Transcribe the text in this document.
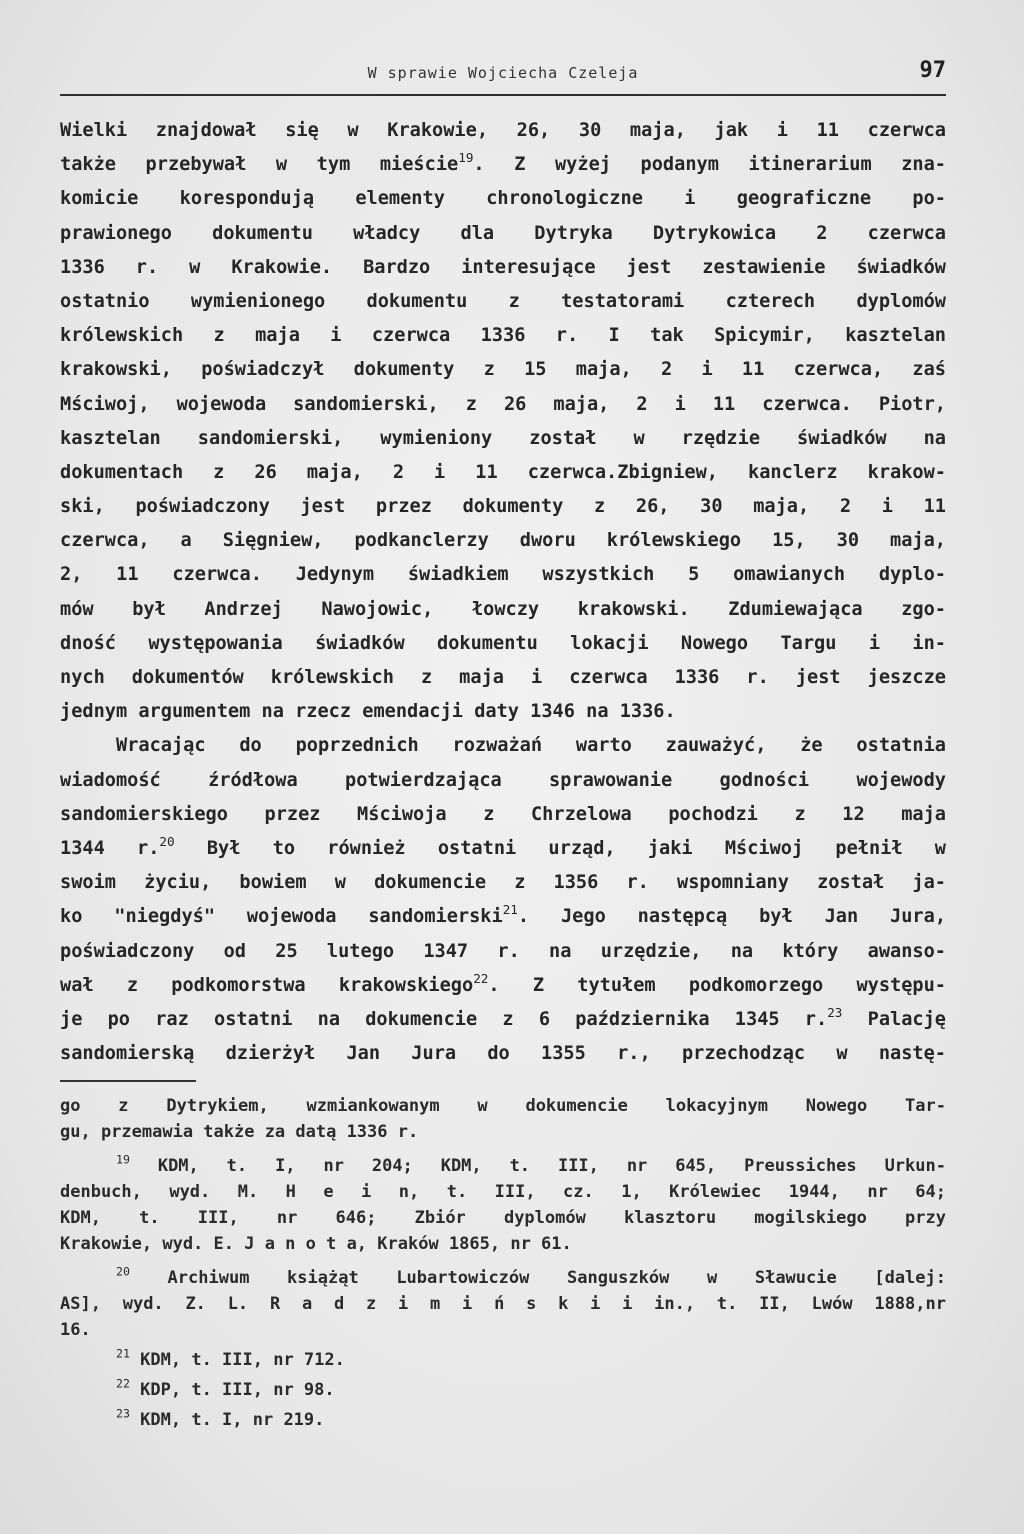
W sprawie Wojciecha Czeleja	97
Wielki znajdował się w Krakowie, 26, 30 maja, jak i 11 czerwca
także przebywał w tym mieście$^{19}$. Z wyżej podanym itinerarium zna-
komicie korespondują elementy chronologiczne i geograficzne po-
prawionego dokumentu władcy dla Dytryka Dytrykowica 2 czerwca
1336 r. w Krakowie. Bardzo interesujące jest zestawienie świadków
ostatnio wymienionego dokumentu z testatorami czterech dyplomów
królewskich z maja i czerwca 1336 r. I tak Spicymir, kasztelan
krakowski, poświadczył dokumenty z 15 maja, 2 i 11 czerwca, zaś
Mściwoj, wojewoda sandomierski, z 26 maja, 2 i 11 czerwca. Piotr,
kasztelan sandomierski, wymieniony został w rzędzie świadków na
dokumentach z 26 maja, 2 i 11 czerwca.Zbigniew, kanclerz krakow-
ski, poświadczony jest przez dokumenty z 26, 30 maja, 2 i 11
czerwca, a Sięgniew, podkanclerzy dworu królewskiego 15, 30 maja,
2, 11 czerwca. Jedynym świadkiem wszystkich 5 omawianych dyplo-
mów był Andrzej Nawojowic, łowczy krakowski. Zdumiewająca zgo-
dność występowania świadków dokumentu lokacji Nowego Targu i in-
nych dokumentów królewskich z maja i czerwca 1336 r. jest jeszcze
jednym argumentem na rzecz emendacji daty 1346 na 1336.
Wracając do poprzednich rozważań warto zauważyć, że ostatnia
wiadomość źródłowa potwierdzająca sprawowanie godności wojewody
sandomierskiego przez Mściwoja z Chrzelowa pochodzi z 12 maja
1344 r.$^{20}$ Był to również ostatni urząd, jaki Mściwoj pełnił w
swoim życiu, bowiem w dokumencie z 1356 r. wspomniany został ja-
ko "niegdyś" wojewoda sandomierski$^{21}$. Jego następcą był Jan Jura,
poświadczony od 25 lutego 1347 r. na urzędzie, na który awanso-
wał z podkomorstwa krakowskiego$^{22}$. Z tytułem podkomorzego występu-
je po raz ostatni na dokumencie z 6 października 1345 r.$^{23}$ Palację
sandomierską dzierżył Jan Jura do 1355 r., przechodząc w nastę-
go z Dytrykiem, wzmiankowanym w dokumencie lokacyjnym Nowego Tar-
gu, przemawia także za datą 1336 r.
$^{19}$ KDM, t. I, nr 204; KDM, t. III, nr 645, Preussiches Urkun-
denbuch, wyd. M. H e i n, t. III, cz. 1, Królewiec 1944, nr 64;
KDM, t. III, nr 646; Zbiór dyplomów klasztoru mogilskiego przy
Krakowie, wyd. E. J a n o t a, Kraków 1865, nr 61.
$^{20}$ Archiwum książąt Lubartowiczów Sanguszków w Sławucie [dalej:
AS], wyd. Z. L. R a d z i m i ń s k i i in., t. II, Lwów 1888,nr
16.
$^{21}$ KDM, t. III, nr 712.
$^{22}$ KDP, t. III, nr 98.
$^{23}$ KDM, t. I, nr 219.
